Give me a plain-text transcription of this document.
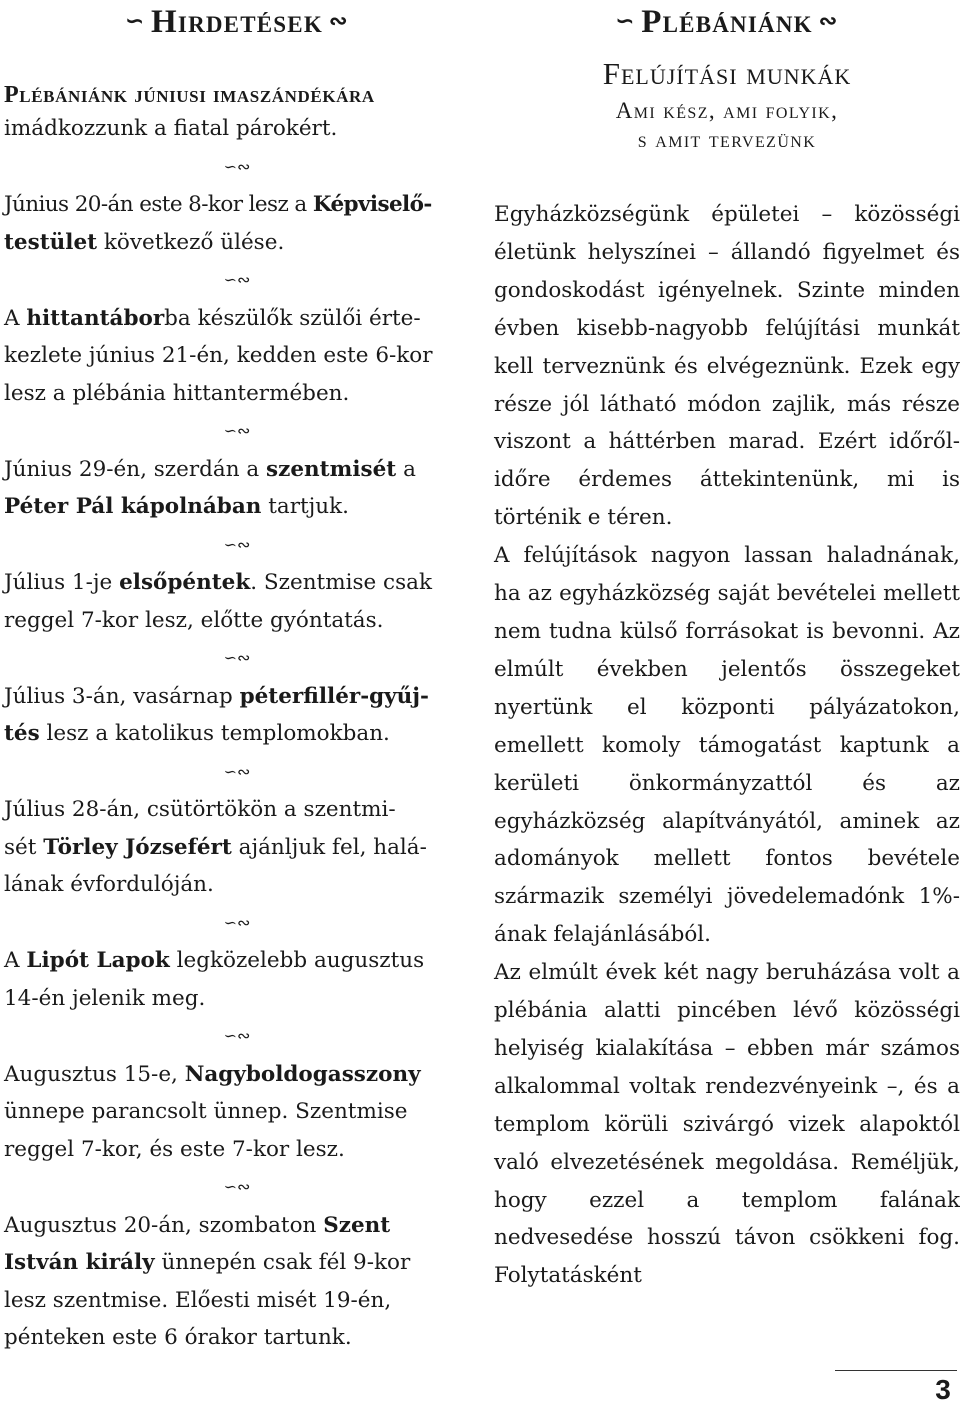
∽ Hirdetések ∾
Plébániánk júniusi imaszándékára
imádkozzunk a fiatal párokért.
∽∾
Június 20-án este 8-kor lesz a Képviselő-
testület következő ülése.
∽∾
A hittantáborba készülők szülői érte-
kezlete június 21-én, kedden este 6-kor
lesz a plébánia hittantermében.
∽∾
Június 29-én, szerdán a szentmisét a
Péter Pál kápolnában tartjuk.
∽∾
Július 1-je elsőpéntek. Szentmise csak
reggel 7-kor lesz, előtte gyóntatás.
∽∾
Július 3-án, vasárnap péterfillér-gyűj-
tés lesz a katolikus templomokban.
∽∾
Július 28-án, csütörtökön a szentmi-
sét Törley Józsefért ajánljuk fel, halá-
lának évfordulóján.
∽∾
A Lipót Lapok legközelebb augusztus
14-én jelenik meg.
∽∾
Augusztus 15-e, Nagyboldogasszony
ünnepe parancsolt ünnep. Szentmise
reggel 7-kor, és este 7-kor lesz.
∽∾
Augusztus 20-án, szombaton Szent
István király ünnepén csak fél 9-kor
lesz szentmise. Előesti misét 19-én,
pénteken este 6 órakor tartunk.
∽ Plébániánk ∾
Felújítási munkák
Ami kész, ami folyik,
s amit tervezünk

Egyházközségünk épületei – közösségi életünk helyszínei – állandó figyelmet és gondoskodást igényelnek. Szinte minden évben kisebb-nagyobb felújítási munkát kell terveznünk és elvégeznünk. Ezek egy része jól látható módon zajlik, más része viszont a háttérben marad. Ezért időről-időre érdemes áttekintenünk, mi is történik e téren.

A felújítások nagyon lassan haladnának, ha az egyházközség saját bevételei mellett nem tudna külső forrásokat is bevonni. Az elmúlt években jelentős összegeket nyertünk el központi pályázatokon, emellett komoly támogatást kaptunk a kerületi önkormányzattól és az egyházközség alapítványától, aminek az adományok mellett fontos bevétele származik személyi jövedelemadónk 1%-ának felajánlásából.

Az elmúlt évek két nagy beruházása volt a plébánia alatti pincében lévő közösségi helyiség kialakítása – ebben már számos alkalommal voltak rendezvényeink –, és a templom körüli szivárgó vizek alapoktól való elvezetésének megoldása. Reméljük, hogy ezzel a templom falának nedvesedése hosszú távon csökkeni fog. Folytatásként

3
